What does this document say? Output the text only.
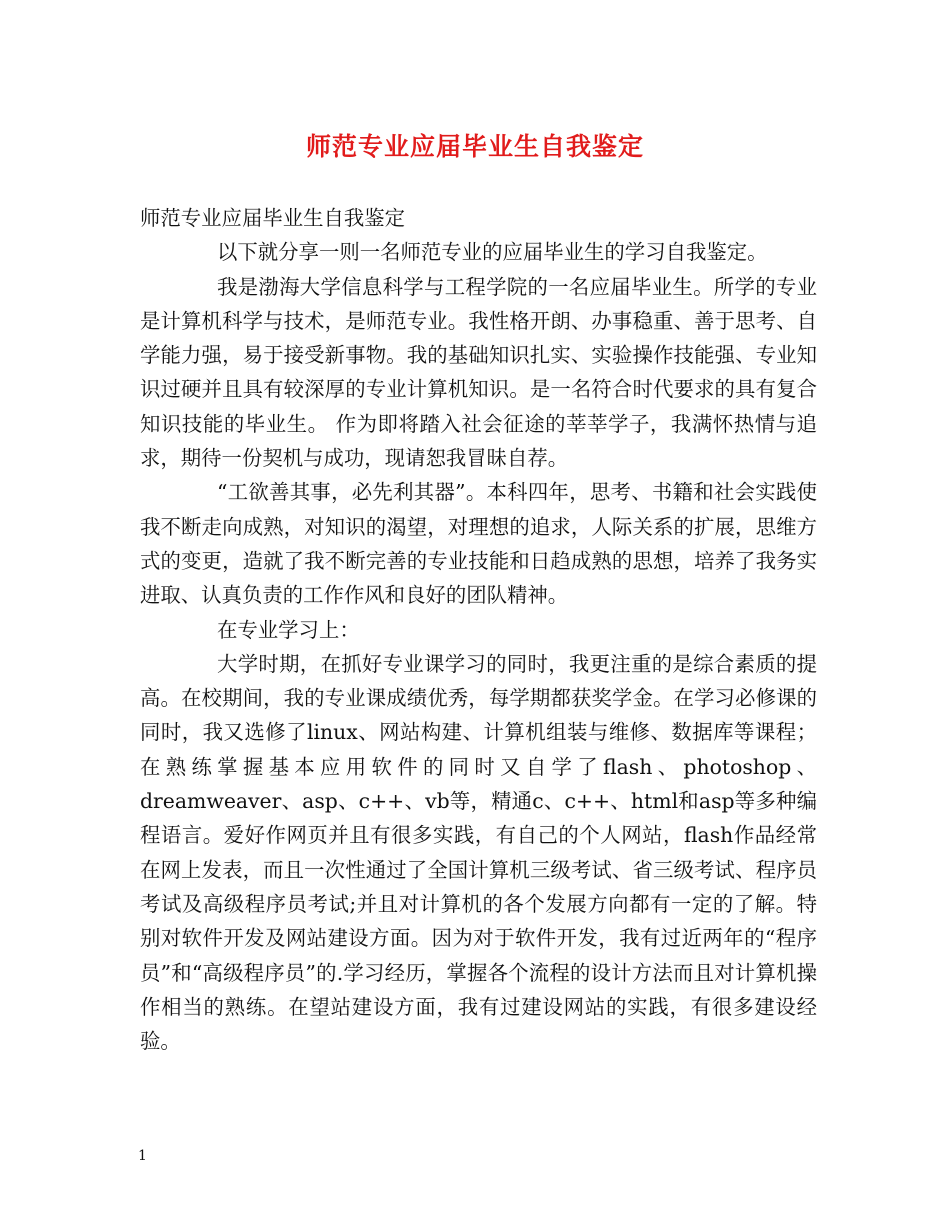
师范专业应届毕业生自我鉴定

师范专业应届毕业生自我鉴定

以下就分享一则一名师范专业的应届毕业生的学习自我鉴定。

我是渤海大学信息科学与工程学院的一名应届毕业生。所学的专业是计算机科学与技术，是师范专业。我性格开朗、办事稳重、善于思考、自学能力强，易于接受新事物。我的基础知识扎实、实验操作技能强、专业知识过硬并且具有较深厚的专业计算机知识。是一名符合时代要求的具有复合知识技能的毕业生。 作为即将踏入社会征途的莘莘学子，我满怀热情与追求，期待一份契机与成功，现请恕我冒昧自荐。

“工欲善其事，必先利其器”。本科四年，思考、书籍和社会实践使我不断走向成熟，对知识的渴望，对理想的追求，人际关系的扩展，思维方式的变更，造就了我不断完善的专业技能和日趋成熟的思想，培养了我务实进取、认真负责的工作作风和良好的团队精神。

在专业学习上：

大学时期，在抓好专业课学习的同时，我更注重的是综合素质的提高。在校期间，我的专业课成绩优秀，每学期都获奖学金。在学习必修课的同时，我又选修了linux、网站构建、计算机组装与维修、数据库等课程；在熟练掌握基本应用软件的同时又自学了flash、photoshop、dreamweaver、asp、c++、vb等，精通c、c++、html和asp等多种编程语言。爱好作网页并且有很多实践，有自己的个人网站，flash作品经常在网上发表，而且一次性通过了全国计算机三级考试、省三级考试、程序员考试及高级程序员考试;并且对计算机的各个发展方向都有一定的了解。特别对软件开发及网站建设方面。因为对于软件开发，我有过近两年的“程序员”和“高级程序员”的.学习经历，掌握各个流程的设计方法而且对计算机操作相当的熟练。在望站建设方面，我有过建设网站的实践，有很多建设经验。

1
